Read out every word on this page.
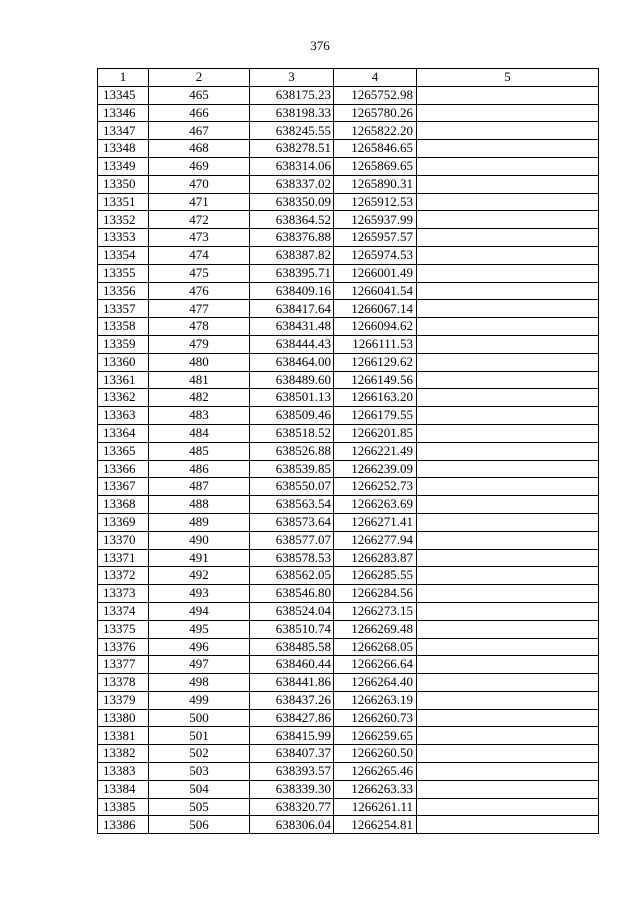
376
1	2	3	4	5
13345	465	638175.23	1265752.98	
13346	466	638198.33	1265780.26	
13347	467	638245.55	1265822.20	
13348	468	638278.51	1265846.65	
13349	469	638314.06	1265869.65	
13350	470	638337.02	1265890.31	
13351	471	638350.09	1265912.53	
13352	472	638364.52	1265937.99	
13353	473	638376.88	1265957.57	
13354	474	638387.82	1265974.53	
13355	475	638395.71	1266001.49	
13356	476	638409.16	1266041.54	
13357	477	638417.64	1266067.14	
13358	478	638431.48	1266094.62	
13359	479	638444.43	1266111.53	
13360	480	638464.00	1266129.62	
13361	481	638489.60	1266149.56	
13362	482	638501.13	1266163.20	
13363	483	638509.46	1266179.55	
13364	484	638518.52	1266201.85	
13365	485	638526.88	1266221.49	
13366	486	638539.85	1266239.09	
13367	487	638550.07	1266252.73	
13368	488	638563.54	1266263.69	
13369	489	638573.64	1266271.41	
13370	490	638577.07	1266277.94	
13371	491	638578.53	1266283.87	
13372	492	638562.05	1266285.55	
13373	493	638546.80	1266284.56	
13374	494	638524.04	1266273.15	
13375	495	638510.74	1266269.48	
13376	496	638485.58	1266268.05	
13377	497	638460.44	1266266.64	
13378	498	638441.86	1266264.40	
13379	499	638437.26	1266263.19	
13380	500	638427.86	1266260.73	
13381	501	638415.99	1266259.65	
13382	502	638407.37	1266260.50	
13383	503	638393.57	1266265.46	
13384	504	638339.30	1266263.33	
13385	505	638320.77	1266261.11	
13386	506	638306.04	1266254.81	
